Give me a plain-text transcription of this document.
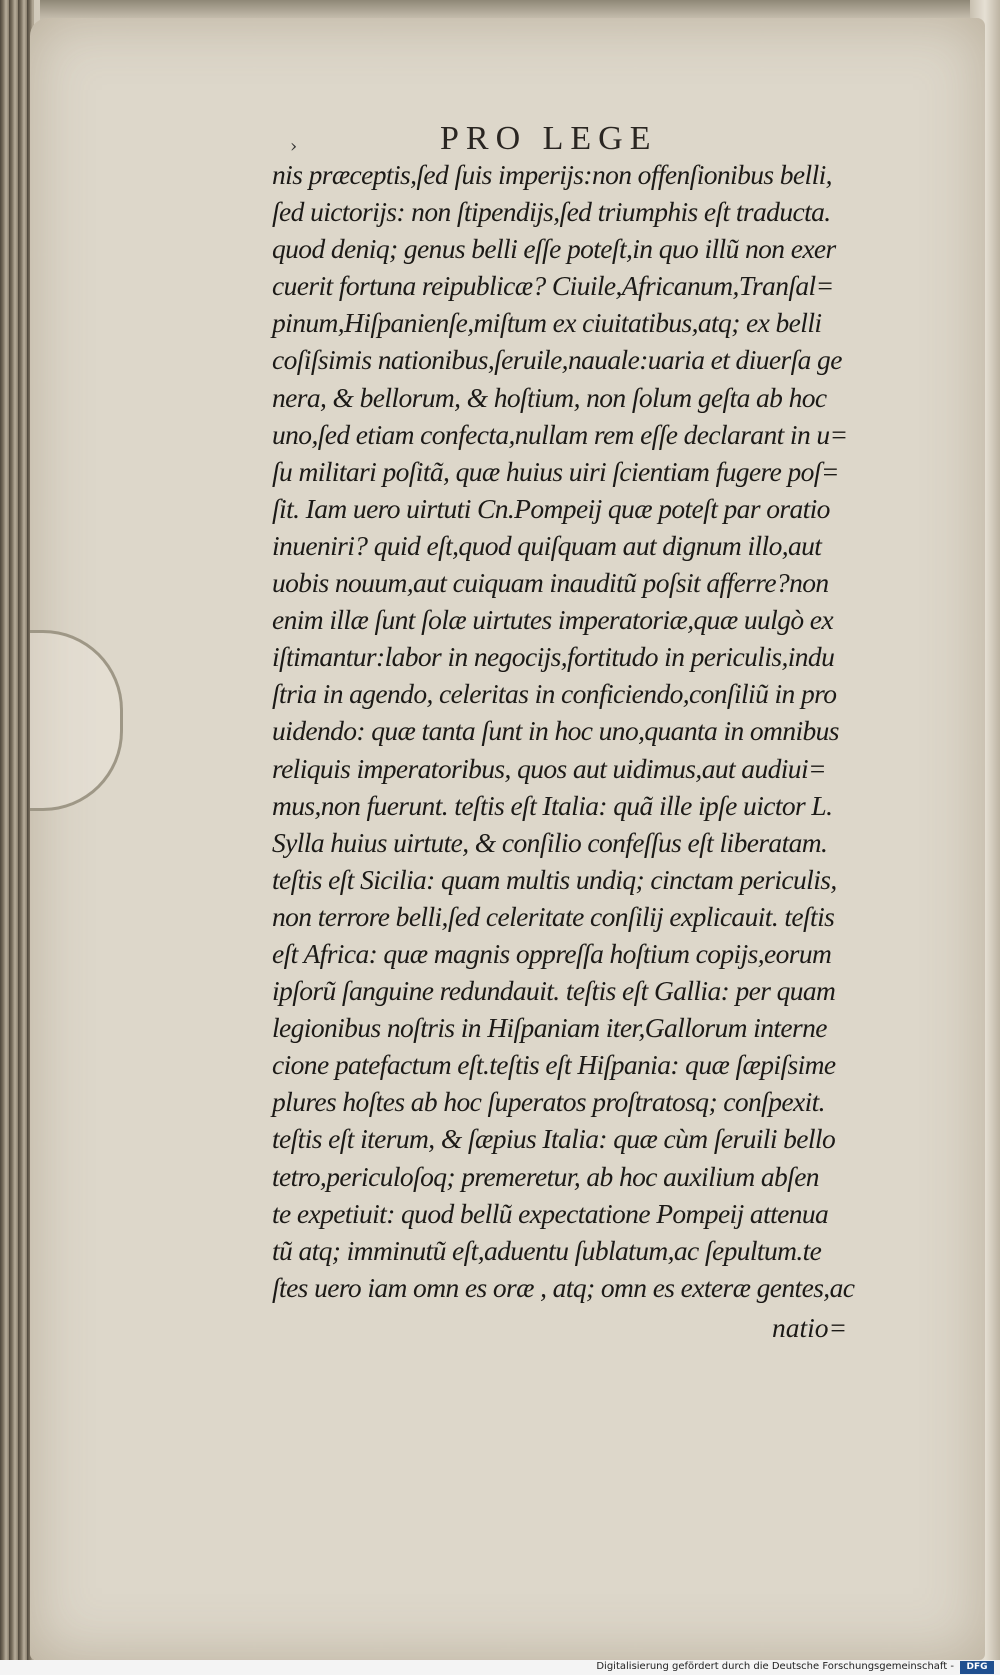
›	PRO LEGE
nis præceptis,ſed ſuis imperijs:non offenſionibus belli,
ſed uictorijs: non ſtipendijs,ſed triumphis eſt traducta.
quod deniq; genus belli eſſe poteſt,in quo illũ non exer
cuerit fortuna reipublicæ? Ciuile,Africanum,Tranſal=
pinum,Hiſpanienſe,miſtum ex ciuitatibus,atq; ex belli
coſiſsimis nationibus,ſeruile,nauale:uaria et diuerſa ge
nera, & bellorum, & hoſtium, non ſolum geſta ab hoc
uno,ſed etiam confecta,nullam rem eſſe declarant in u=
ſu militari poſitã, quæ huius uiri ſcientiam fugere poſ=
ſit. Iam uero uirtuti Cn.Pompeij quæ poteſt par oratio
inueniri? quid eſt,quod quiſquam aut dignum illo,aut
uobis nouum,aut cuiquam inauditũ poſsit afferre?non
enim illæ ſunt ſolæ uirtutes imperatoriæ,quæ uulgò ex
iſtimantur:labor in negocijs,fortitudo in periculis,indu
ſtria in agendo, celeritas in conficiendo,conſiliũ in pro
uidendo: quæ tanta ſunt in hoc uno,quanta in omnibus
reliquis imperatoribus, quos aut uidimus,aut audiui=
mus,non fuerunt. teſtis eſt Italia: quã ille ipſe uictor L.
Sylla huius uirtute, & conſilio confeſſus eſt liberatam.
teſtis eſt Sicilia: quam multis undiq; cinctam periculis,
non terrore belli,ſed celeritate conſilij explicauit. teſtis
eſt Africa: quæ magnis oppreſſa hoſtium copijs,eorum
ipſorũ ſanguine redundauit. teſtis eſt Gallia: per quam
legionibus noſtris in Hiſpaniam iter,Gallorum interne
cione patefactum eſt.teſtis eſt Hiſpania: quæ ſæpiſsime
plures hoſtes ab hoc ſuperatos proſtratosq; conſpexit.
teſtis eſt iterum, & ſæpius Italia: quæ cùm ſeruili bello
tetro,periculoſoq; premeretur, ab hoc auxilium abſen
te expetiuit: quod bellũ expectatione Pompeij attenua
tũ atq; imminutũ eſt,aduentu ſublatum,ac ſepultum.te
ſtes uero iam omn es oræ , atq; omn es exteræ gentes,ac
natio=
Digitalisierung gefördert durch die Deutsche Forschungsgemeinschaft -	DFG
